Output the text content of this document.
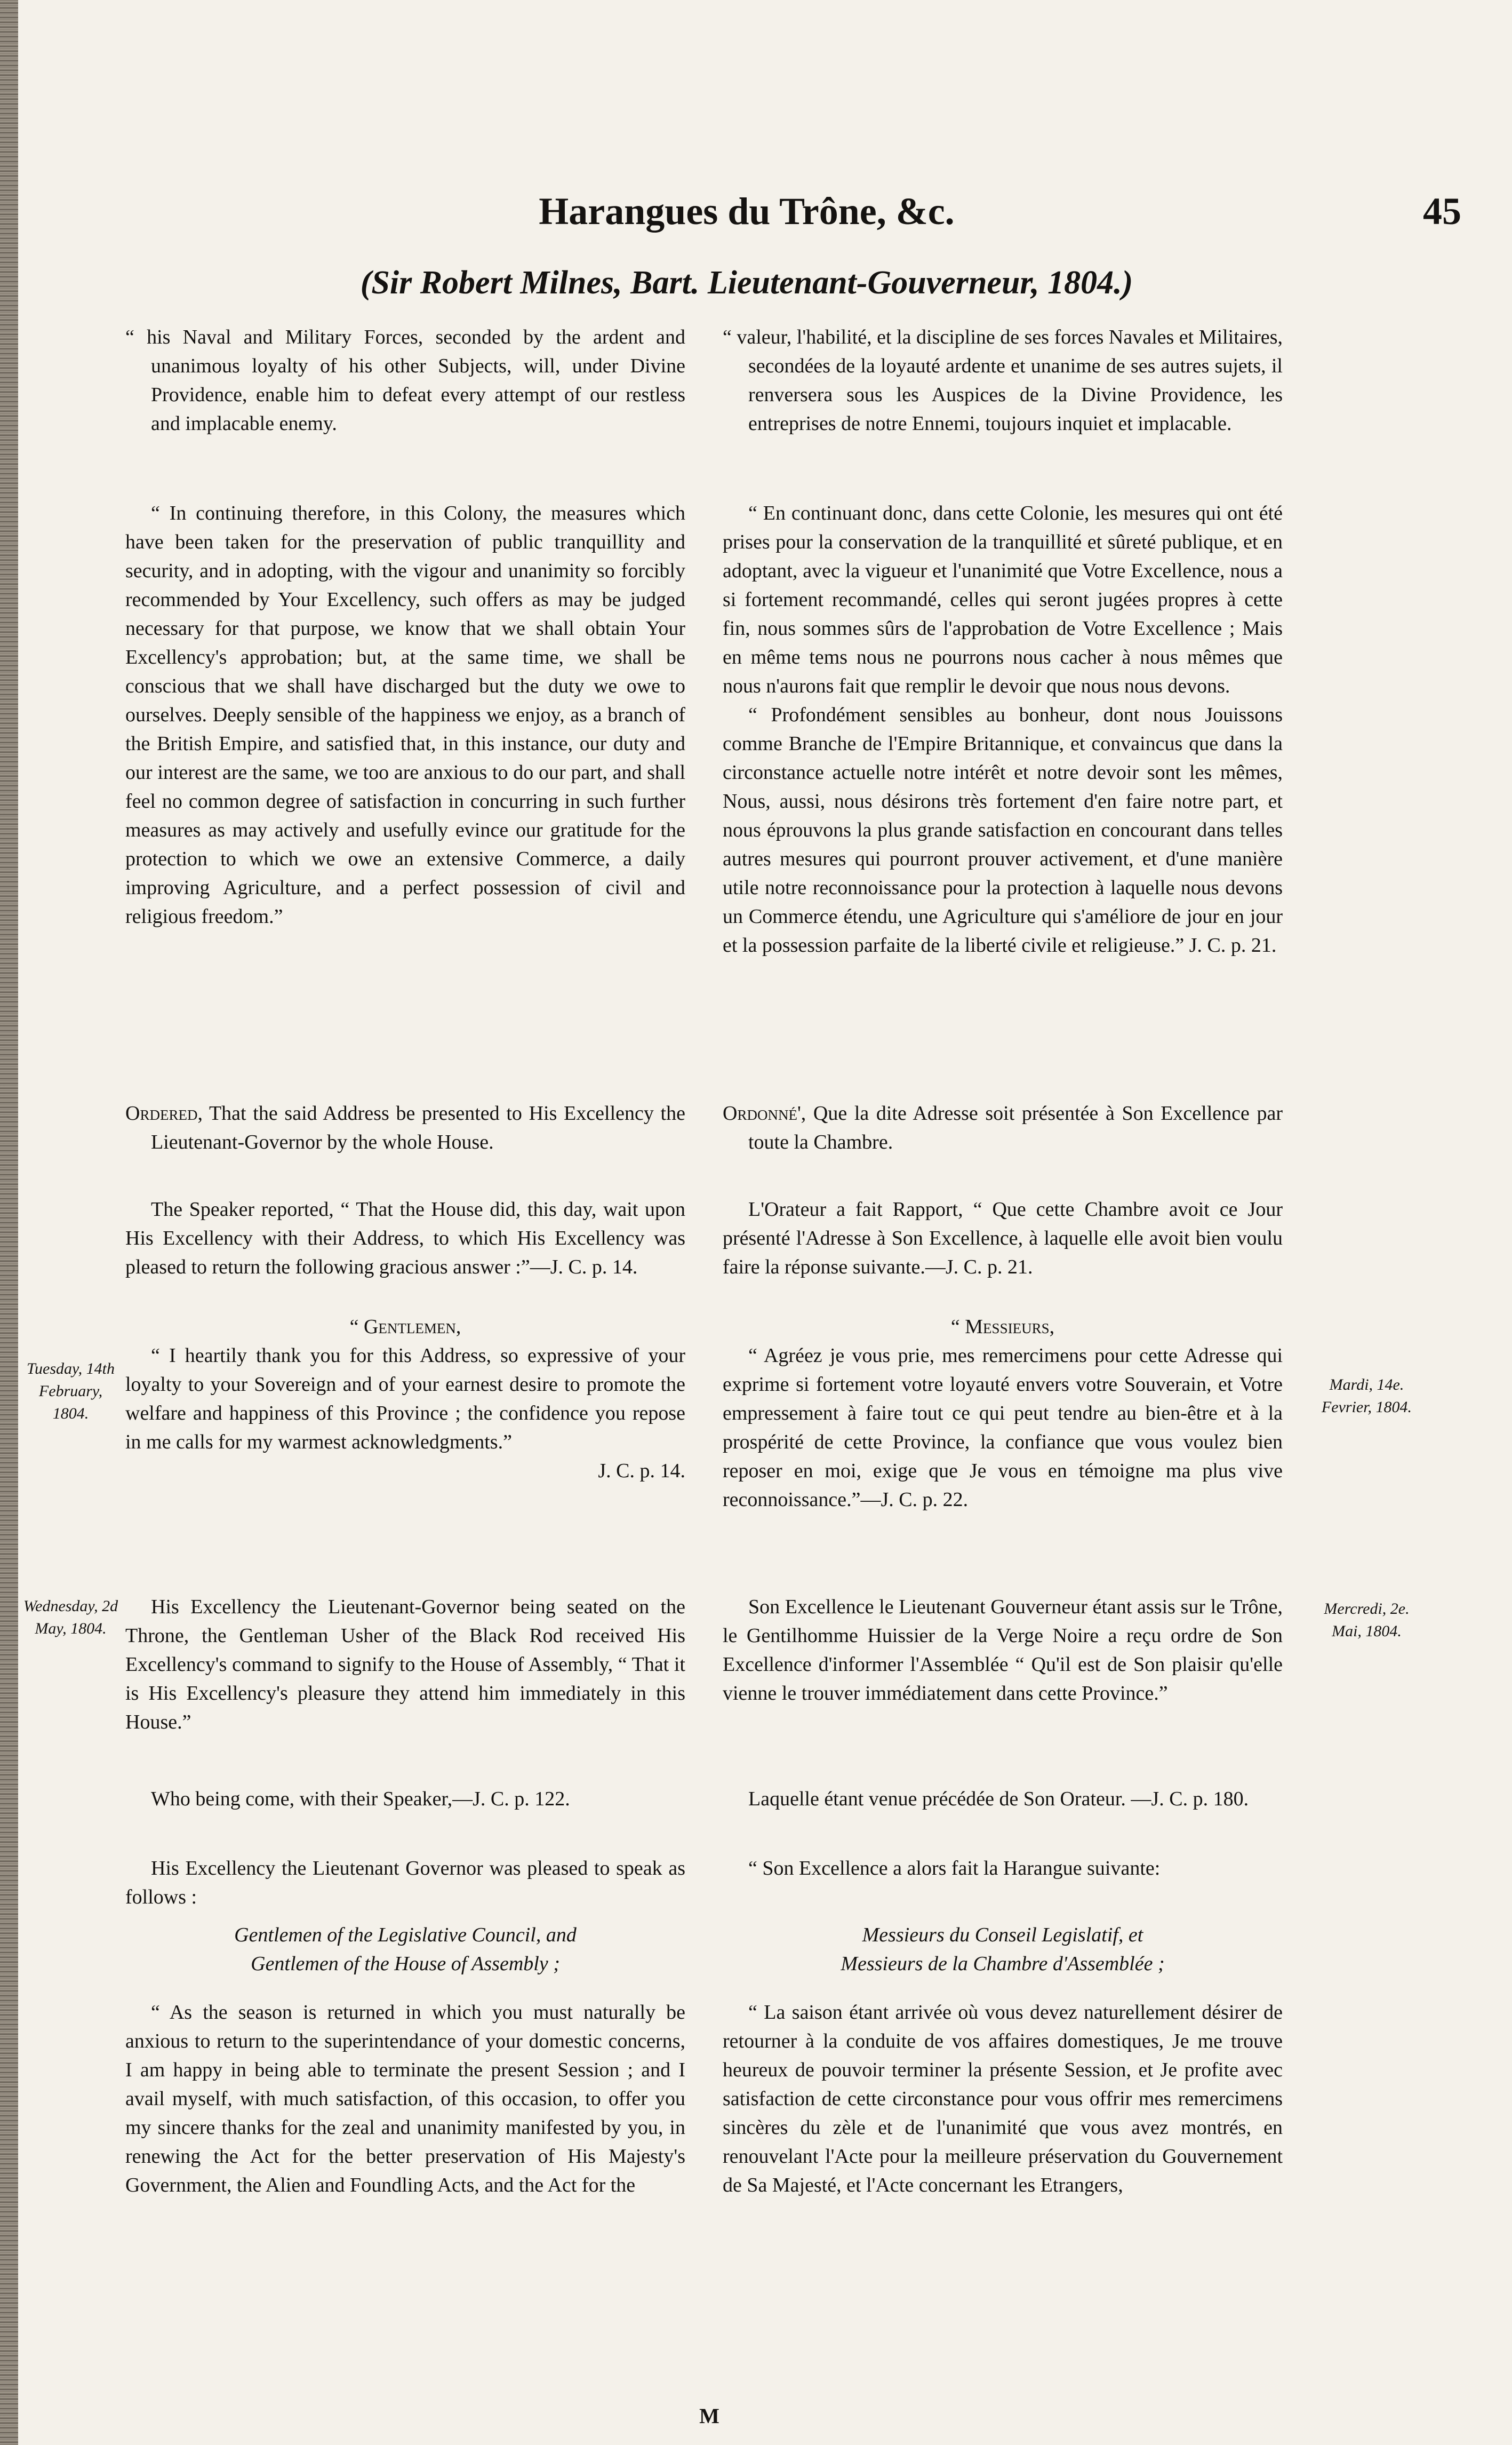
Harangues du Trône, &c.	45
(Sir Robert Milnes, Bart. Lieutenant-Gouverneur, 1804.)

“ his Naval and Military Forces, seconded by the ardent and unanimous loyalty of his other Subjects, will, under Divine Providence, enable him to defeat every attempt of our restless and implacable enemy.

“ valeur, l'habilité, et la discipline de ses forces Navales et Militaires, secondées de la loyauté ardente et unanime de ses autres sujets, il renversera sous les Auspices de la Divine Providence, les entreprises de notre Ennemi, toujours inquiet et implacable.

“ In continuing therefore, in this Colony, the measures which have been taken for the preservation of public tranquillity and security, and in adopting, with the vigour and unanimity so forcibly recommended by Your Excellency, such offers as may be judged necessary for that purpose, we know that we shall obtain Your Excellency's approbation; but, at the same time, we shall be conscious that we shall have discharged but the duty we owe to ourselves. Deeply sensible of the happiness we enjoy, as a branch of the British Empire, and satisfied that, in this instance, our duty and our interest are the same, we too are anxious to do our part, and shall feel no common degree of satisfaction in concurring in such further measures as may actively and usefully evince our gratitude for the protection to which we owe an extensive Commerce, a daily improving Agriculture, and a perfect possession of civil and religious freedom.”

“ En continuant donc, dans cette Colonie, les mesures qui ont été prises pour la conservation de la tranquillité et sûreté publique, et en adoptant, avec la vigueur et l'unanimité que Votre Excellence, nous a si fortement recommandé, celles qui seront jugées propres à cette fin, nous sommes sûrs de l'approbation de Votre Excellence ; Mais en même tems nous ne pourrons nous cacher à nous mêmes que nous n'aurons fait que remplir le devoir que nous nous devons.

“ Profondément sensibles au bonheur, dont nous Jouissons comme Branche de l'Empire Britannique, et convaincus que dans la circonstance actuelle notre intérêt et notre devoir sont les mêmes, Nous, aussi, nous désirons très fortement d'en faire notre part, et nous éprouvons la plus grande satisfaction en concourant dans telles autres mesures qui pourront prouver activement, et d'une manière utile notre reconnoissance pour la protection à laquelle nous devons un Commerce étendu, une Agriculture qui s'améliore de jour en jour et la possession parfaite de la liberté civile et religieuse.” J. C. p. 21.

Ordered, That the said Address be presented to His Excellency the Lieutenant-Governor by the whole House.

Ordonné', Que la dite Adresse soit présentée à Son Excellence par toute la Chambre.

The Speaker reported, “ That the House did, this day, wait upon His Excellency with their Address, to which His Excellency was pleased to return the following gracious answer :”—J. C. p. 14.

L'Orateur a fait Rapport, “ Que cette Chambre avoit ce Jour présenté l'Adresse à Son Excellence, à laquelle elle avoit bien voulu faire la réponse suivante.—J. C. p. 21.

“ Gentlemen,

“ I heartily thank you for this Address, so expressive of your loyalty to your Sovereign and of your earnest desire to promote the welfare and happiness of this Province ; the confidence you repose in me calls for my warmest acknowledgments.”

J. C. p. 14.

“ Messieurs,

“ Agréez je vous prie, mes remercimens pour cette Adresse qui exprime si fortement votre loyauté envers votre Souverain, et Votre empressement à faire tout ce qui peut tendre au bien-être et à la prospérité de cette Province, la confiance que vous voulez bien reposer en moi, exige que Je vous en témoigne ma plus vive reconnoissance.”—J. C. p. 22.

His Excellency the Lieutenant-Governor being seated on the Throne, the Gentleman Usher of the Black Rod received His Excellency's command to signify to the House of Assembly, “ That it is His Excellency's pleasure they attend him immediately in this House.”

Son Excellence le Lieutenant Gouverneur étant assis sur le Trône, le Gentilhomme Huissier de la Verge Noire a reçu ordre de Son Excellence d'informer l'Assemblée “ Qu'il est de Son plaisir qu'elle vienne le trouver immédiatement dans cette Province.”

Who being come, with their Speaker,—J. C. p. 122.	Laquelle étant venue précédée de Son Orateur. —J. C. p. 180.

His Excellency the Lieutenant Governor was pleased to speak as follows :

“ Son Excellence a alors fait la Harangue suivante:

Gentlemen of the Legislative Council, and

Gentlemen of the House of Assembly ;

Messieurs du Conseil Legislatif, et

Messieurs de la Chambre d'Assemblée ;

“ As the season is returned in which you must naturally be anxious to return to the superintendance of your domestic concerns, I am happy in being able to terminate the present Session ; and I avail myself, with much satisfaction, of this occasion, to offer you my sincere thanks for the zeal and unanimity manifested by you, in renewing the Act for the better preservation of His Majesty's Government, the Alien and Foundling Acts, and the Act for the

“ La saison étant arrivée où vous devez naturellement désirer de retourner à la conduite de vos affaires domestiques, Je me trouve heureux de pouvoir terminer la présente Session, et Je profite avec satisfaction de cette circonstance pour vous offrir mes remercimens sincères du zèle et de l'unanimité que vous avez montrés, en renouvelant l'Acte pour la meilleure préservation du Gouvernement de Sa Majesté, et l'Acte concernant les Etrangers,

Tuesday, 14th February, 1804.
Mardi, 14e. Fevrier, 1804.
Wednesday, 2d May, 1804.
Mercredi, 2e. Mai, 1804.
M
